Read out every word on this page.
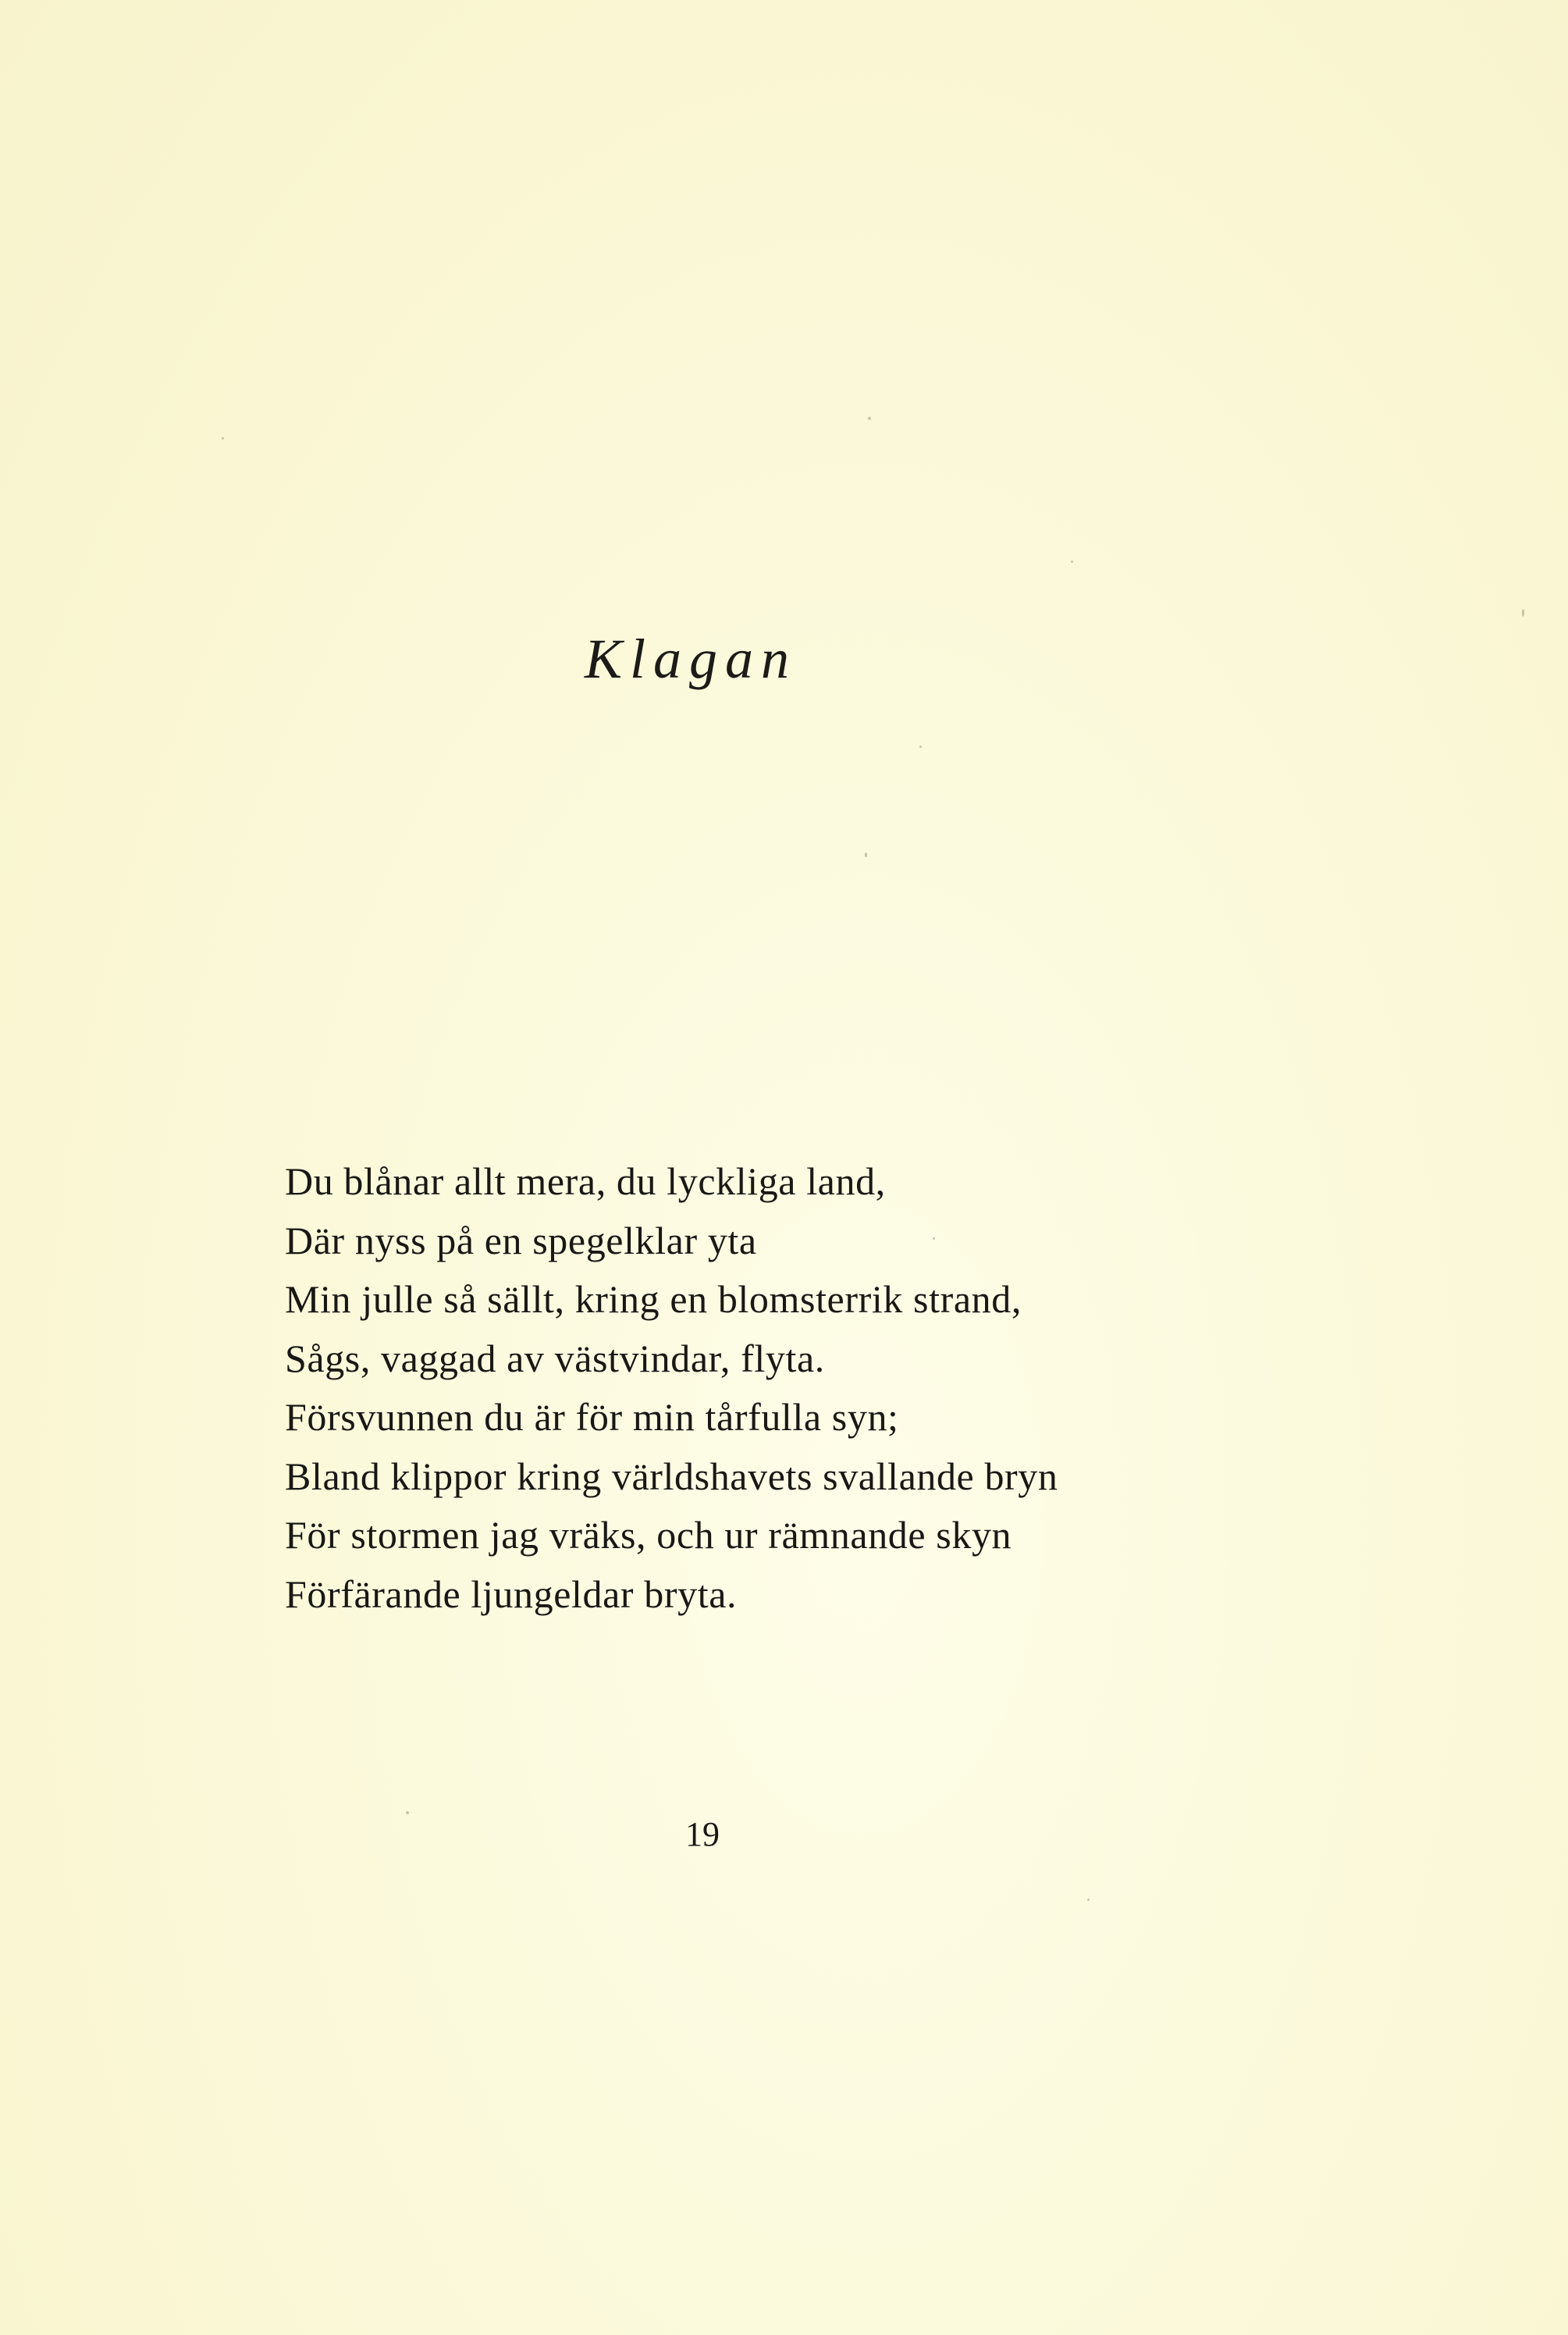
Klagan
Du blånar allt mera, du lyckliga land,
Där nyss på en spegelklar yta
Min julle så sällt, kring en blomsterrik strand,
Sågs, vaggad av västvindar, flyta.
Försvunnen du är för min tårfulla syn;
Bland klippor kring världshavets svallande bryn
För stormen jag vräks, och ur rämnande skyn
Förfärande ljungeldar bryta.
19
